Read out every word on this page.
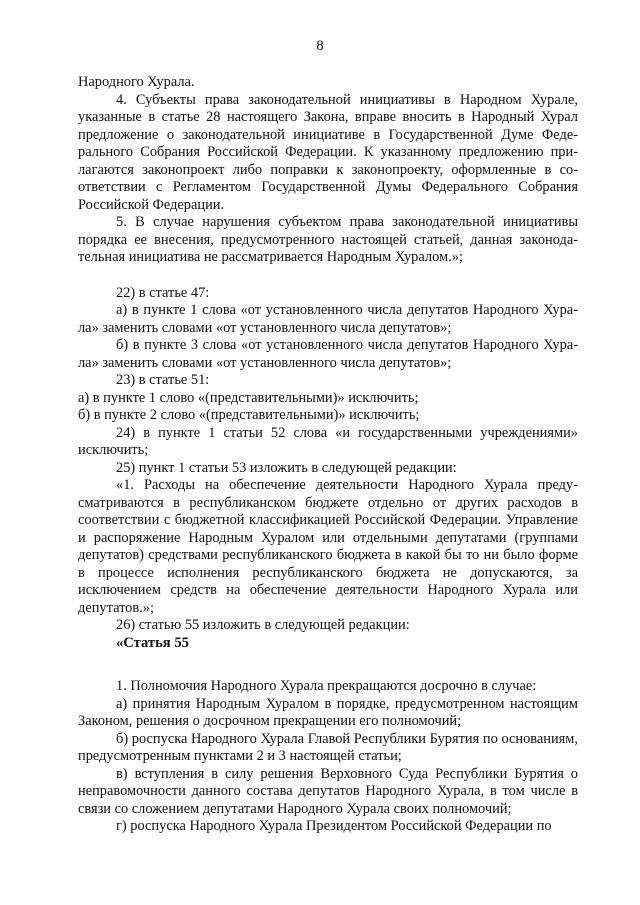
8

Народного Хурала.

4. Субъекты права законодательной инициативы в Народном Хурале, указанные в статье 28 настоящего Закона, вправе вносить в Народный Хурал предложение о законодательной инициативе в Государственной Думе Федерального Собрания Российской Федерации. К указанному предложению прилагаются законопроект либо поправки к законопроекту, оформленные в соответствии с Регламентом Государственной Думы Федерального Собрания Российской Федерации.

5. В случае нарушения субъектом права законодательной инициативы порядка ее внесения, предусмотренного настоящей статьей, данная законодательная инициатива не рассматривается Народным Хуралом.»;

22) в статье 47:

а) в пункте 1 слова «от установленного числа депутатов Народного Хурала» заменить словами «от установленного числа депутатов»;

б) в пункте 3 слова «от установленного числа депутатов Народного Хурала» заменить словами «от установленного числа депутатов»;

23) в статье 51:

а) в пункте 1 слово «(представительными)» исключить;

б) в пункте 2 слово «(представительными)» исключить;

24) в пункте 1 статьи 52 слова «и государственными учреждениями» исключить;

25) пункт 1 статьи 53 изложить в следующей редакции:

«1. Расходы на обеспечение деятельности Народного Хурала предусматриваются в республиканском бюджете отдельно от других расходов в соответствии с бюджетной классификацией Российской Федерации. Управление и распоряжение Народным Хуралом или отдельными депутатами (группами депутатов) средствами республиканского бюджета в какой бы то ни было форме в процессе исполнения республиканского бюджета не допускаются, за исключением средств на обеспечение деятельности Народного Хурала или депутатов.»;

26) статью 55 изложить в следующей редакции:

«Статья 55

1. Полномочия Народного Хурала прекращаются досрочно в случае:

а) принятия Народным Хуралом в порядке, предусмотренном настоящим Законом, решения о досрочном прекращении его полномочий;

б) роспуска Народного Хурала Главой Республики Бурятия по основаниям, предусмотренным пунктами 2 и 3 настоящей статьи;

в) вступления в силу решения Верховного Суда Республики Бурятия о неправомочности данного состава депутатов Народного Хурала, в том числе в связи со сложением депутатами Народного Хурала своих полномочий;

г) роспуска Народного Хурала Президентом Российской Федерации по
